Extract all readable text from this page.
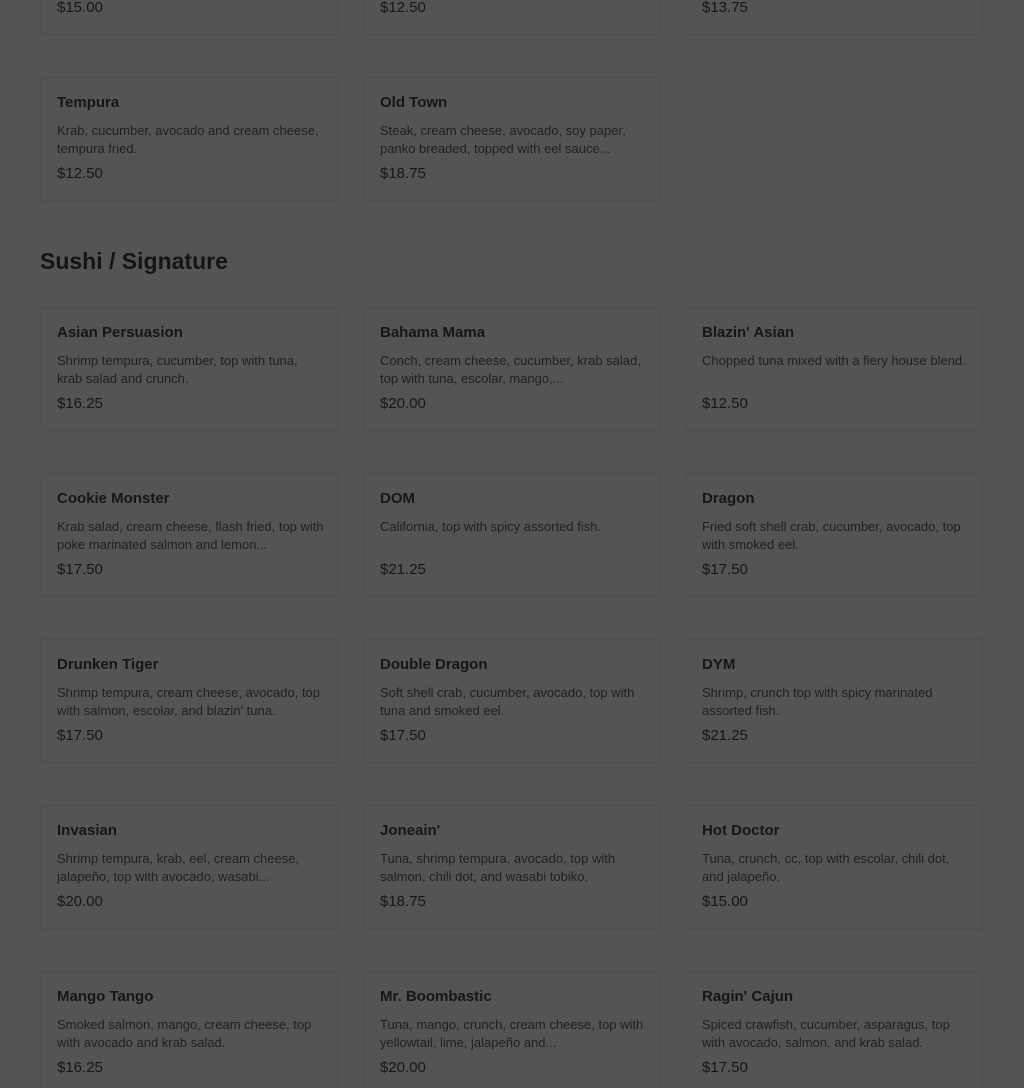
$15.00	$12.50	$13.75
Tempura
Krab, cucumber, avocado and cream cheese, tempura fried.
$12.50
Old Town
Steak, cream cheese, avocado, soy paper, panko breaded, topped with eel sauce...
$18.75
Sushi / Signature
Asian Persuasion
Shrimp tempura, cucumber, top with tuna, krab salad and crunch.
$16.25
Bahama Mama
Conch, cream cheese, cucumber, krab salad, top with tuna, escolar, mango,...
$20.00
Blazin' Asian
Chopped tuna mixed with a fiery house blend.
$12.50
Cookie Monster
Krab salad, cream cheese, flash fried, top with poke marinated salmon and lemon...
$17.50
DOM
California, top with spicy assorted fish.
$21.25
Dragon
Fried soft shell crab, cucumber, avocado, top with smoked eel.
$17.50
Drunken Tiger
Shrimp tempura, cream cheese, avocado, top with salmon, escolar, and blazin' tuna.
$17.50
Double Dragon
Soft shell crab, cucumber, avocado, top with tuna and smoked eel.
$17.50
DYM
Shrimp, crunch top with spicy marinated assorted fish.
$21.25
Invasian
Shrimp tempura, krab, eel, cream cheese, jalapeño, top with avocado, wasabi...
$20.00
Joneain'
Tuna, shrimp tempura, avocado, top with salmon, chili dot, and wasabi tobiko.
$18.75
Hot Doctor
Tuna, crunch, cc, top with escolar, chili dot, and jalapeño.
$15.00
Mango Tango
Smoked salmon, mango, cream cheese, top with avocado and krab salad.
$16.25
Mr. Boombastic
Tuna, mango, crunch, cream cheese, top with yellowtail, lime, jalapeño and...
$20.00
Ragin' Cajun
Spiced crawfish, cucumber, asparagus, top with avocado, salmon, and krab salad.
$17.50
